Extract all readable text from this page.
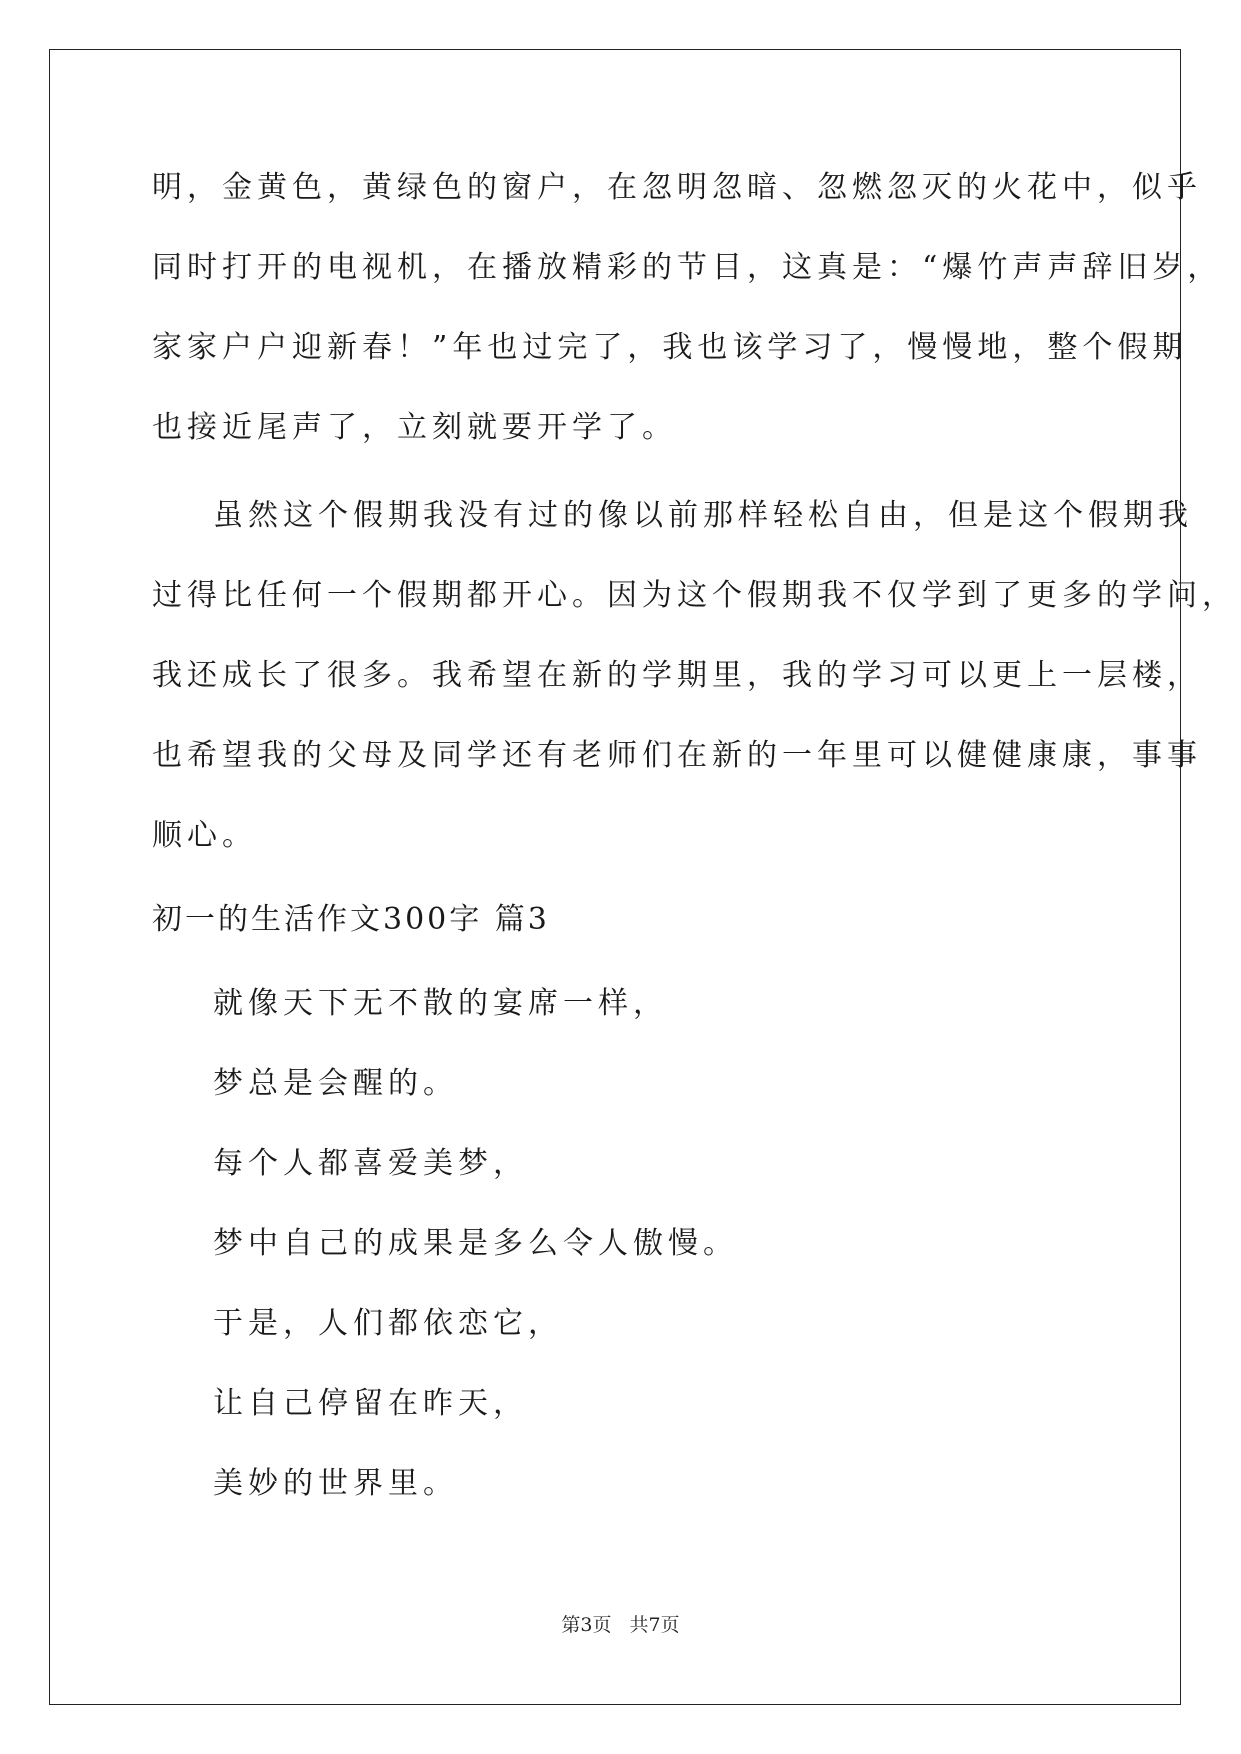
明，金黄色，黄绿色的窗户，在忽明忽暗、忽燃忽灭的火花中，似乎
同时打开的电视机，在播放精彩的节目，这真是：“爆竹声声辞旧岁，
家家户户迎新春！”年也过完了，我也该学习了，慢慢地，整个假期
也接近尾声了，立刻就要开学了。
虽然这个假期我没有过的像以前那样轻松自由，但是这个假期我
过得比任何一个假期都开心。因为这个假期我不仅学到了更多的学问，
我还成长了很多。我希望在新的学期里，我的学习可以更上一层楼，
也希望我的父母及同学还有老师们在新的一年里可以健健康康，事事
顺心。
初一的生活作文300字 篇3
就像天下无不散的宴席一样，
梦总是会醒的。
每个人都喜爱美梦，
梦中自己的成果是多么令人傲慢。
于是，人们都依恋它，
让自己停留在昨天，
美妙的世界里。
第3页 共7页
